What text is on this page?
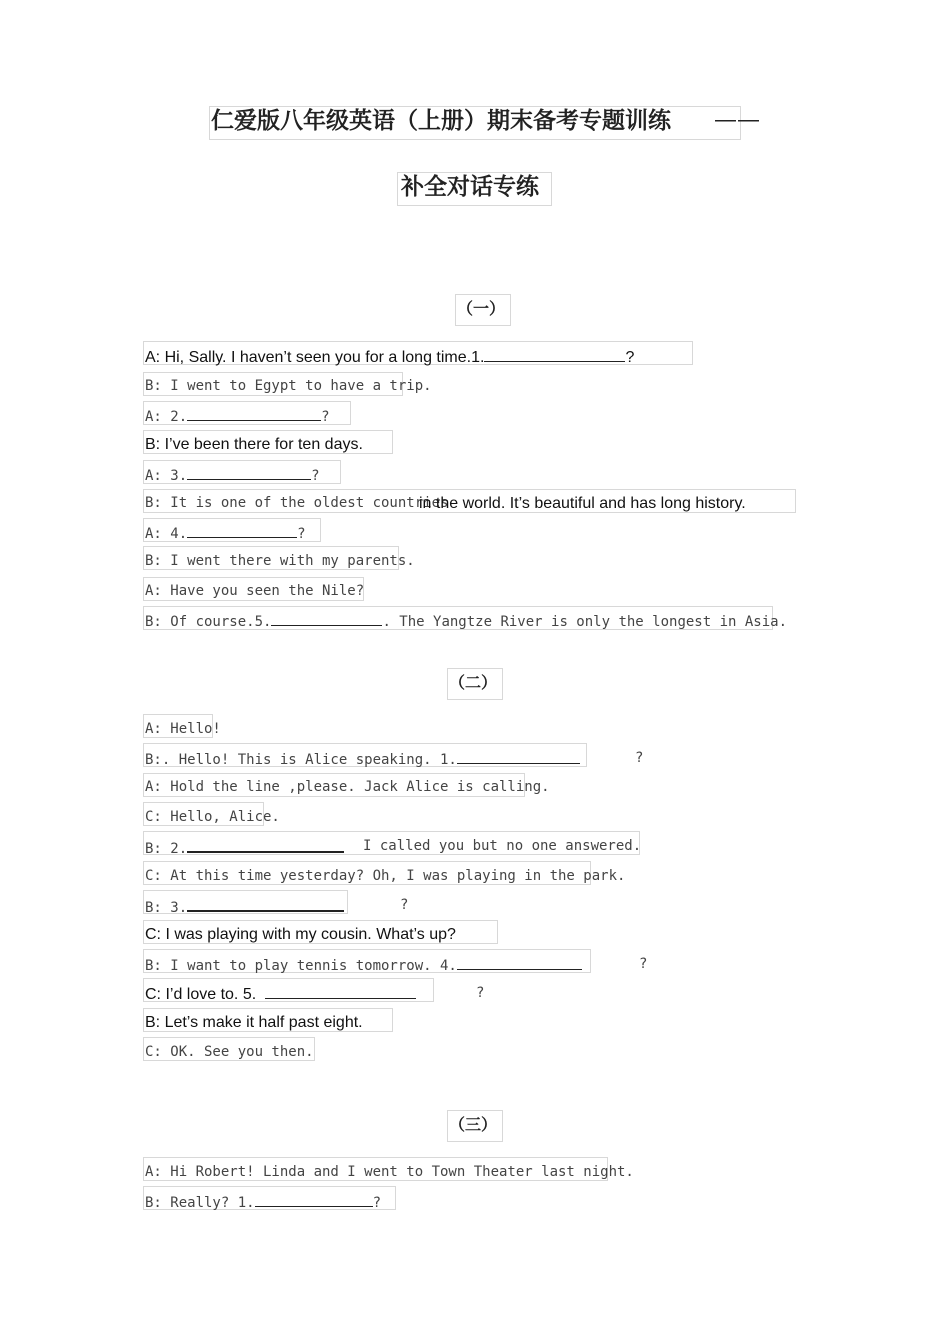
仁爱版八年级英语（上册）期末备考专题训练 ——
补全对话专练
（一）
A: Hi, Sally. I haven’t seen you for a long time.1.	?
B: I went to Egypt to have a trip.
A: 2.	?
B: I’ve been there for ten days.
A: 3.	?
B: It is one of the oldest countries
in the world. It’s beautiful and has long history.
A: 4.	?
B: I went there with my parents.
A: Have you seen the Nile?
B: Of course.5.	. The Yangtze River is only the longest in Asia.
（二）
A: Hello!
B:. Hello! This is Alice speaking. 1.	?
A: Hold the line ,please. Jack Alice is calling.
C: Hello, Alice.
B: 2.	I called you but no one answered.
C: At this time yesterday? Oh, I was playing in the park.
B: 3.	?
C: I was playing with my cousin. What’s up?
B: I want to play tennis tomorrow. 4.	?
C: I’d love to. 5.	?
B: Let’s make it half past eight.
C: OK. See you then.
（三）
A: Hi Robert! Linda and I went to Town Theater last night.
B: Really? 1.	?
